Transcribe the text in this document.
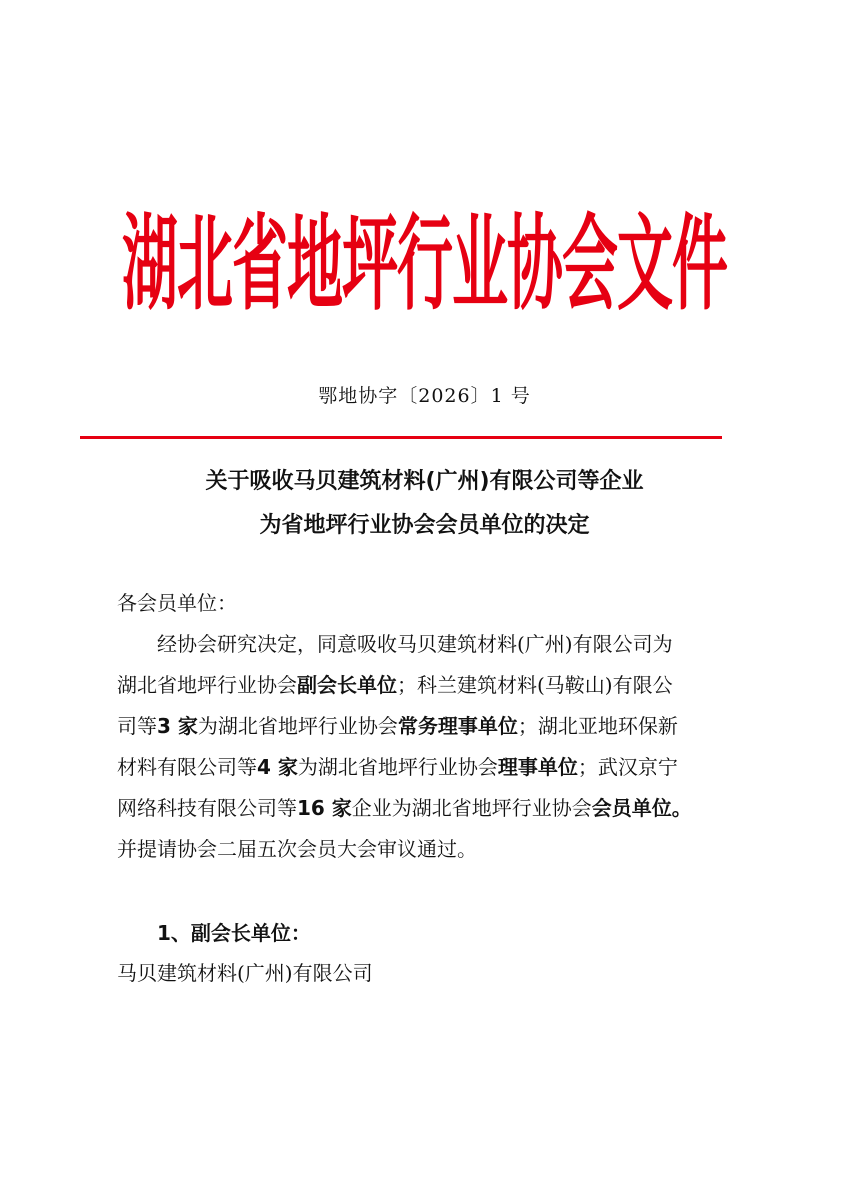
湖北省地坪行业协会文件
鄂地协字〔2026〕1 号
关于吸收马贝建筑材料(广州)有限公司等企业
为省地坪行业协会会员单位的决定
各会员单位：
经协会研究决定，同意吸收马贝建筑材料(广州)有限公司为
湖北省地坪行业协会副会长单位；科兰建筑材料(马鞍山)有限公
司等3 家为湖北省地坪行业协会常务理事单位；湖北亚地环保新
材料有限公司等4 家为湖北省地坪行业协会理事单位；武汉京宁
网络科技有限公司等16 家企业为湖北省地坪行业协会会员单位。
并提请协会二届五次会员大会审议通过。
1、副会长单位：
马贝建筑材料(广州)有限公司
